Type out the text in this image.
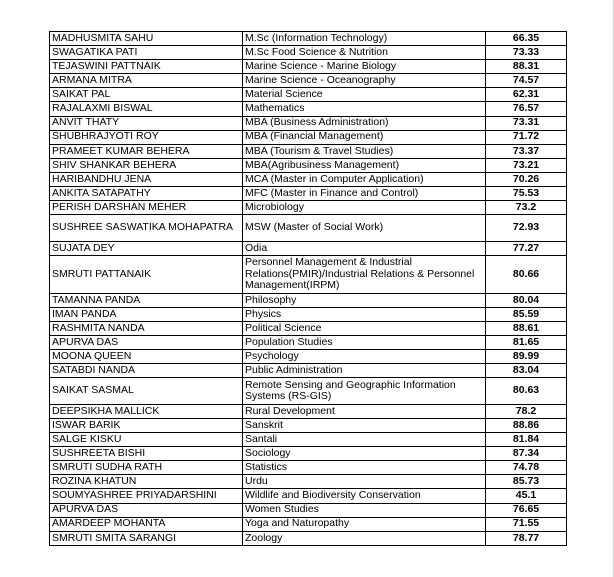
MADHUSMITA SAHU	M.Sc (Information Technology)	66.35
SWAGATIKA PATI	M.Sc Food Science & Nutrition	73.33
TEJASWINI PATTNAIK	Marine Science - Marine Biology	88.31
ARMANA MITRA	Marine Science - Oceanography	74.57
SAIKAT PAL	Material Science	62.31
RAJALAXMI BISWAL	Mathematics	76.57
ANVIT THATY	MBA (Business Administration)	73.31
SHUBHRAJYOTI ROY	MBA (Financial Management)	71.72
PRAMEET KUMAR BEHERA	MBA (Tourism & Travel Studies)	73.37
SHIV SHANKAR BEHERA	MBA(Agribusiness Management)	73.21
HARIBANDHU JENA	MCA (Master in Computer Application)	70.26
ANKITA SATAPATHY	MFC (Master in Finance and Control)	75.53
PERISH DARSHAN MEHER	Microbiology	73.2
SUSHREE SASWATIKA MOHAPATRA	MSW (Master of Social Work)	72.93
SUJATA DEY	Odia	77.27
SMRUTI PATTANAIK	Personnel Management & Industrial Relations(PMIR)/Industrial Relations & Personnel Management(IRPM)	80.66
TAMANNA PANDA	Philosophy	80.04
IMAN PANDA	Physics	85.59
RASHMITA NANDA	Political Science	88.61
APURVA DAS	Population Studies	81.65
MOONA QUEEN	Psychology	89.99
SATABDI NANDA	Public Administration	83.04
SAIKAT SASMAL	Remote Sensing and Geographic Information Systems (RS-GIS)	80.63
DEEPSIKHA MALLICK	Rural Development	78.2
ISWAR BARIK	Sanskrit	88.86
SALGE KISKU	Santali	81.84
SUSHREETA BISHI	Sociology	87.34
SMRUTI SUDHA RATH	Statistics	74.78
ROZINA KHATUN	Urdu	85.73
SOUMYASHREE PRIYADARSHINI	Wildlife and Biodiversity Conservation	45.1
APURVA DAS	Women Studies	76.65
AMARDEEP MOHANTA	Yoga and Naturopathy	71.55
SMRUTI SMITA SARANGI	Zoology	78.77
